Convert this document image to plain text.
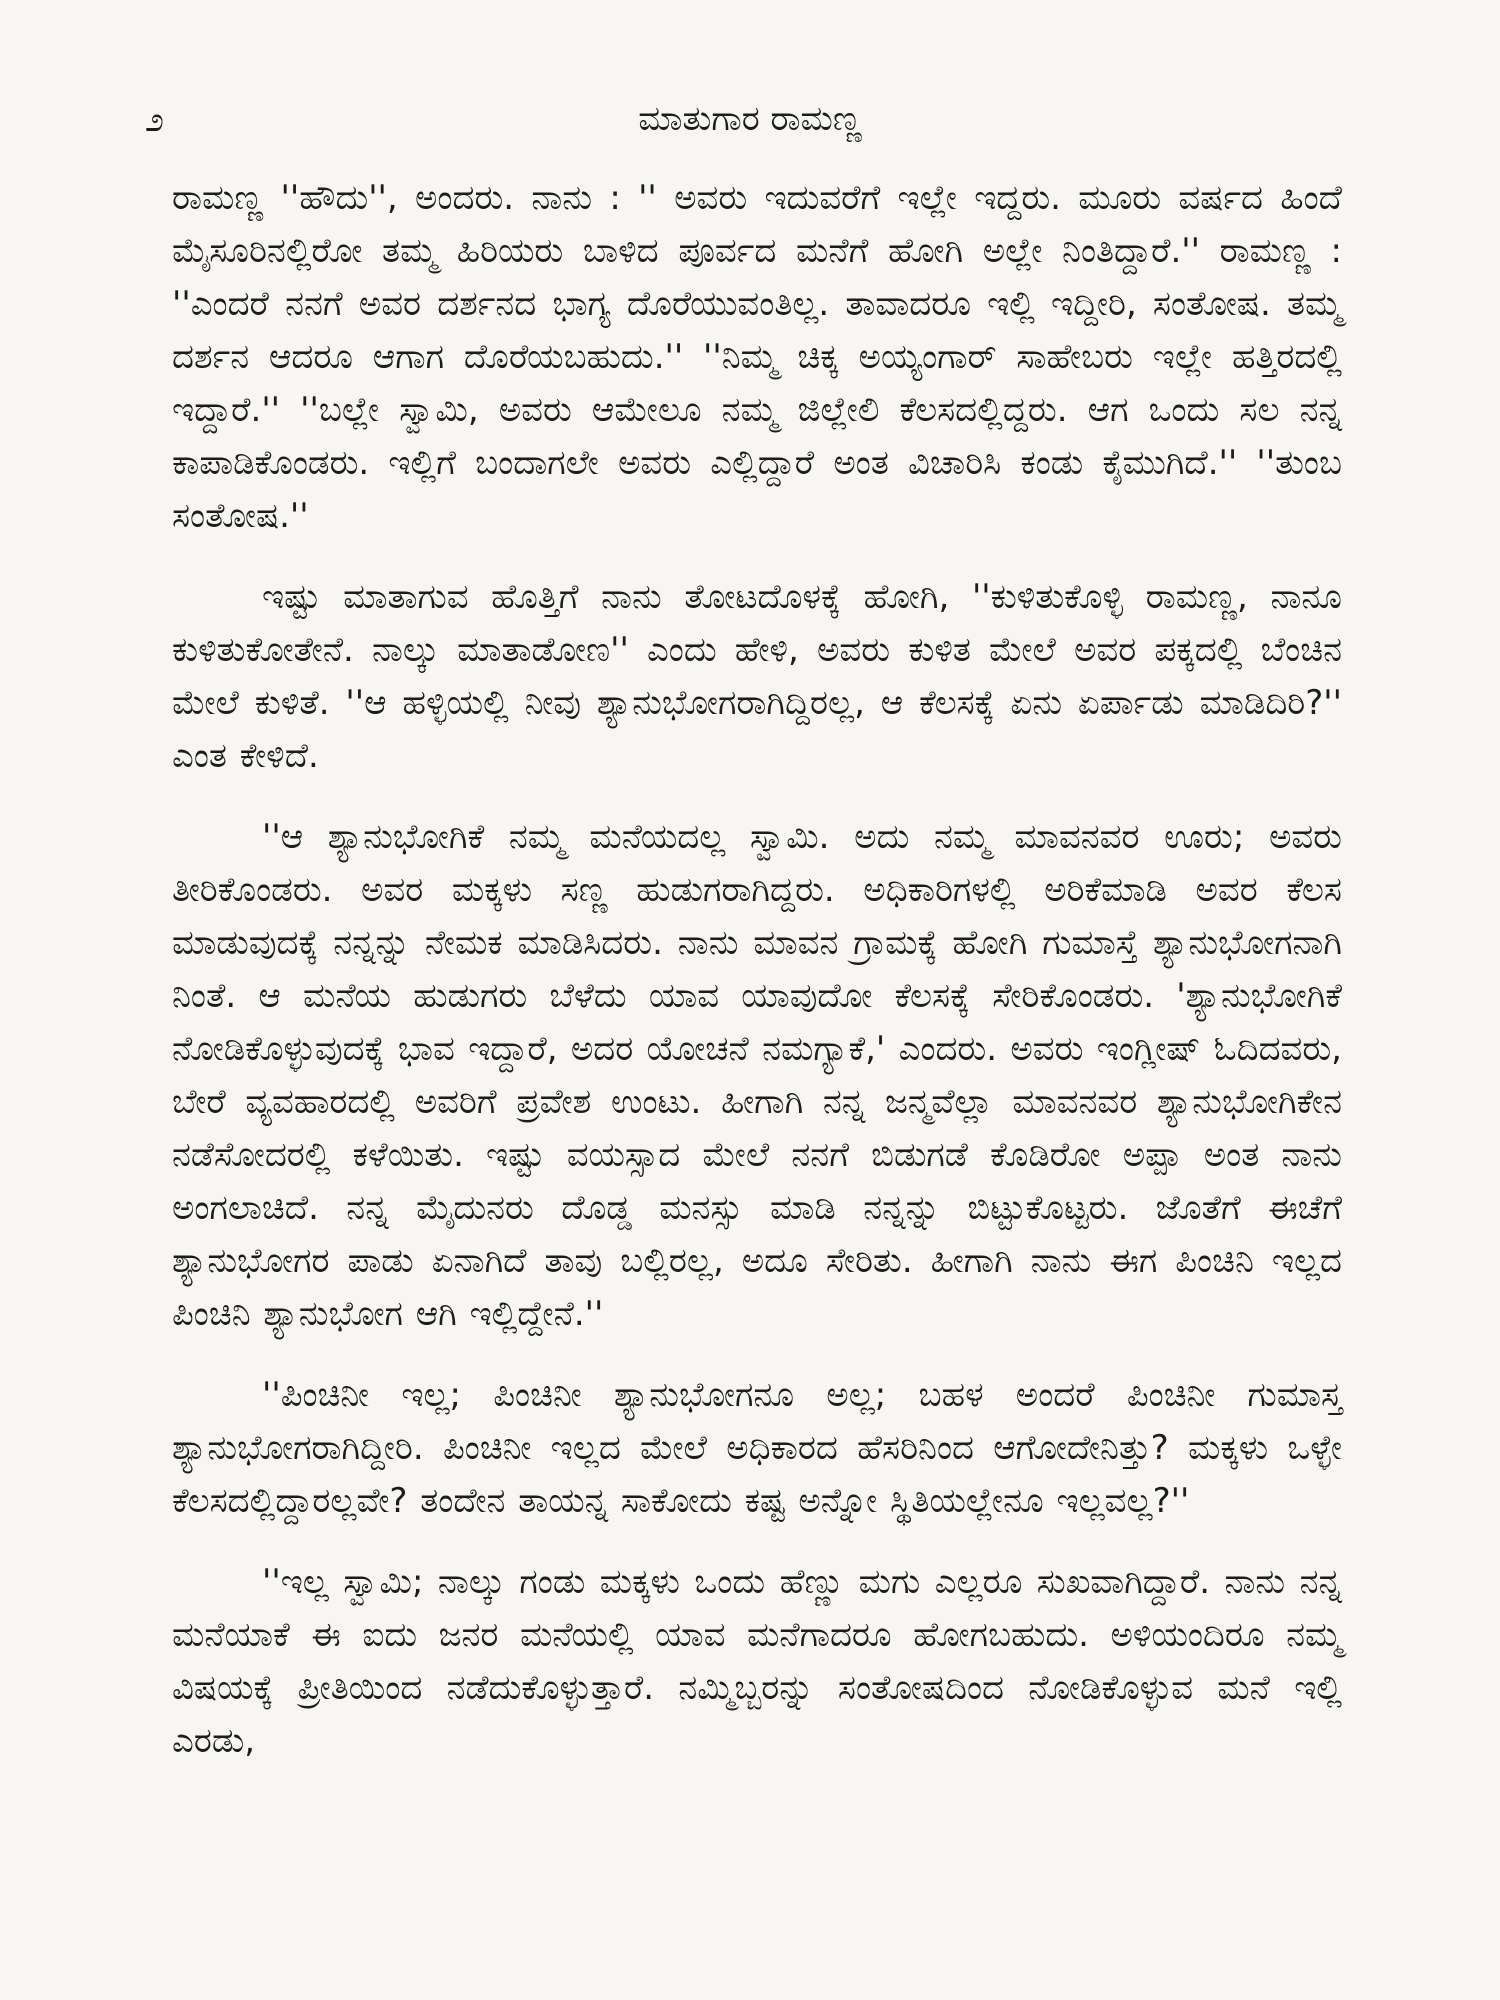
೨	ಮಾತುಗಾರ ರಾಮಣ್ಣ

ರಾಮಣ್ಣ ''ಹೌದು'', ಅಂದರು. ನಾನು : '' ಅವರು ಇದುವರೆಗೆ ಇಲ್ಲೇ ಇದ್ದರು. ಮೂರು ವರ್ಷದ ಹಿಂದೆ ಮೈಸೂರಿನಲ್ಲಿರೋ ತಮ್ಮ ಹಿರಿಯರು ಬಾಳಿದ ಪೂರ್ವದ ಮನೆಗೆ ಹೋಗಿ ಅಲ್ಲೇ ನಿಂತಿದ್ದಾರೆ.'' ರಾಮಣ್ಣ : ''ಎಂದರೆ ನನಗೆ ಅವರ ದರ್ಶನದ ಭಾಗ್ಯ ದೊರೆಯುವಂತಿಲ್ಲ. ತಾವಾದರೂ ಇಲ್ಲಿ ಇದ್ದೀರಿ, ಸಂತೋಷ. ತಮ್ಮ ದರ್ಶನ ಆದರೂ ಆಗಾಗ ದೊರೆಯಬಹುದು.'' ''ನಿಮ್ಮ ಚಿಕ್ಕ ಅಯ್ಯಂಗಾರ್ ಸಾಹೇಬರು ಇಲ್ಲೇ ಹತ್ತಿರದಲ್ಲಿ ಇದ್ದಾರೆ.'' ''ಬಲ್ಲೇ ಸ್ವಾಮಿ, ಅವರು ಆಮೇಲೂ ನಮ್ಮ ಜಿಲ್ಲೇಲಿ ಕೆಲಸದಲ್ಲಿದ್ದರು. ಆಗ ಒಂದು ಸಲ ನನ್ನ ಕಾಪಾಡಿಕೊಂಡರು. ಇಲ್ಲಿಗೆ ಬಂದಾಗಲೇ ಅವರು ಎಲ್ಲಿದ್ದಾರೆ ಅಂತ ವಿಚಾರಿಸಿ ಕಂಡು ಕೈಮುಗಿದೆ.'' ''ತುಂಬ ಸಂತೋಷ.''

ಇಷ್ಟು ಮಾತಾಗುವ ಹೊತ್ತಿಗೆ ನಾನು ತೋಟದೊಳಕ್ಕೆ ಹೋಗಿ, ''ಕುಳಿತುಕೊಳ್ಳಿ ರಾಮಣ್ಣ, ನಾನೂ ಕುಳಿತುಕೋತೇನೆ. ನಾಲ್ಕು ಮಾತಾಡೋಣ'' ಎಂದು ಹೇಳಿ, ಅವರು ಕುಳಿತ ಮೇಲೆ ಅವರ ಪಕ್ಕದಲ್ಲಿ ಬೆಂಚಿನ ಮೇಲೆ ಕುಳಿತೆ. ''ಆ ಹಳ್ಳಿಯಲ್ಲಿ ನೀವು ಶ್ಯಾನುಭೋಗರಾಗಿದ್ದಿರಲ್ಲ, ಆ ಕೆಲಸಕ್ಕೆ ಏನು ಏರ್ಪಾಡು ಮಾಡಿದಿರಿ?'' ಎಂತ ಕೇಳಿದೆ.

''ಆ ಶ್ಯಾನುಭೋಗಿಕೆ ನಮ್ಮ ಮನೆಯದಲ್ಲ ಸ್ವಾಮಿ. ಅದು ನಮ್ಮ ಮಾವನವರ ಊರು; ಅವರು ತೀರಿಕೊಂಡರು. ಅವರ ಮಕ್ಕಳು ಸಣ್ಣ ಹುಡುಗರಾಗಿದ್ದರು. ಅಧಿಕಾರಿಗಳಲ್ಲಿ ಅರಿಕೆಮಾಡಿ ಅವರ ಕೆಲಸ ಮಾಡುವುದಕ್ಕೆ ನನ್ನನ್ನು ನೇಮಕ ಮಾಡಿಸಿದರು. ನಾನು ಮಾವನ ಗ್ರಾಮಕ್ಕೆ ಹೋಗಿ ಗುಮಾಸ್ತೆ ಶ್ಯಾನುಭೋಗನಾಗಿ ನಿಂತೆ. ಆ ಮನೆಯ ಹುಡುಗರು ಬೆಳೆದು ಯಾವ ಯಾವುದೋ ಕೆಲಸಕ್ಕೆ ಸೇರಿಕೊಂಡರು. 'ಶ್ಯಾನುಭೋಗಿಕೆ ನೋಡಿಕೊಳ್ಳುವುದಕ್ಕೆ ಭಾವ ಇದ್ದಾರೆ, ಅದರ ಯೋಚನೆ ನಮಗ್ಯಾಕೆ,' ಎಂದರು. ಅವರು ಇಂಗ್ಲೀಷ್ ಓದಿದವರು, ಬೇರೆ ವ್ಯವಹಾರದಲ್ಲಿ ಅವರಿಗೆ ಪ್ರವೇಶ ಉಂಟು. ಹೀಗಾಗಿ ನನ್ನ ಜನ್ಮವೆಲ್ಲಾ ಮಾವನವರ ಶ್ಯಾನುಭೋಗಿಕೇನ ನಡೆಸೋದರಲ್ಲಿ ಕಳೆಯಿತು. ಇಷ್ಟು ವಯಸ್ಸಾದ ಮೇಲೆ ನನಗೆ ಬಿಡುಗಡೆ ಕೊಡಿರೋ ಅಪ್ಪಾ ಅಂತ ನಾನು ಅಂಗಲಾಚಿದೆ. ನನ್ನ ಮೈದುನರು ದೊಡ್ಡ ಮನಸ್ಸು ಮಾಡಿ ನನ್ನನ್ನು ಬಿಟ್ಟುಕೊಟ್ಟರು. ಜೊತೆಗೆ ಈಚೆಗೆ ಶ್ಯಾನುಭೋಗರ ಪಾಡು ಏನಾಗಿದೆ ತಾವು ಬಲ್ಲಿರಲ್ಲ, ಅದೂ ಸೇರಿತು. ಹೀಗಾಗಿ ನಾನು ಈಗ ಪಿಂಚಿನಿ ಇಲ್ಲದ ಪಿಂಚಿನಿ ಶ್ಯಾನುಭೋಗ ಆಗಿ ಇಲ್ಲಿದ್ದೇನೆ.''

''ಪಿಂಚಿನೀ ಇಲ್ಲ; ಪಿಂಚಿನೀ ಶ್ಯಾನುಭೋಗನೂ ಅಲ್ಲ; ಬಹಳ ಅಂದರೆ ಪಿಂಚಿನೀ ಗುಮಾಸ್ತ ಶ್ಯಾನುಭೋಗರಾಗಿದ್ದೀರಿ. ಪಿಂಚಿನೀ ಇಲ್ಲದ ಮೇಲೆ ಅಧಿಕಾರದ ಹೆಸರಿನಿಂದ ಆಗೋದೇನಿತ್ತು? ಮಕ್ಕಳು ಒಳ್ಳೇ ಕೆಲಸದಲ್ಲಿದ್ದಾರಲ್ಲವೇ? ತಂದೇನ ತಾಯನ್ನ ಸಾಕೋದು ಕಷ್ಟ ಅನ್ನೋ ಸ್ಥಿತಿಯಲ್ಲೇನೂ ಇಲ್ಲವಲ್ಲ?''

''ಇಲ್ಲ ಸ್ವಾಮಿ; ನಾಲ್ಕು ಗಂಡು ಮಕ್ಕಳು ಒಂದು ಹೆಣ್ಣು ಮಗು ಎಲ್ಲರೂ ಸುಖವಾಗಿದ್ದಾರೆ. ನಾನು ನನ್ನ ಮನೆಯಾಕೆ ಈ ಐದು ಜನರ ಮನೆಯಲ್ಲಿ ಯಾವ ಮನೆಗಾದರೂ ಹೋಗಬಹುದು. ಅಳಿಯಂದಿರೂ ನಮ್ಮ ವಿಷಯಕ್ಕೆ ಪ್ರೀತಿಯಿಂದ ನಡೆದುಕೊಳ್ಳುತ್ತಾರೆ. ನಮ್ಮಿಬ್ಬರನ್ನು ಸಂತೋಷದಿಂದ ನೋಡಿಕೊಳ್ಳುವ ಮನೆ ಇಲ್ಲಿ ಎರಡು,
